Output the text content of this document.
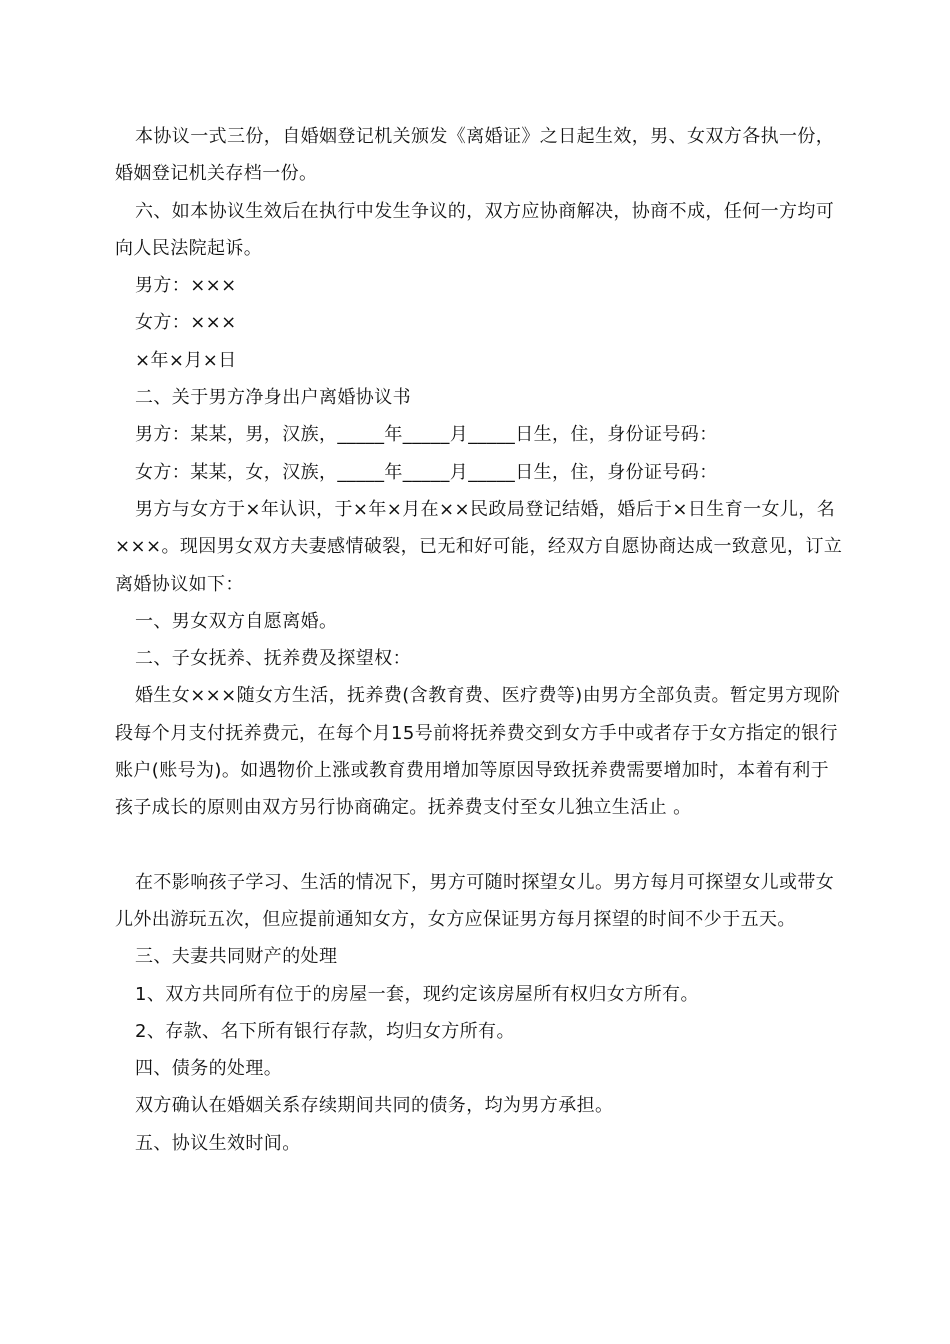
本协议一式三份，自婚姻登记机关颁发《离婚证》之日起生效，男、女双方各执一份，婚姻登记机关存档一份。

六、如本协议生效后在执行中发生争议的，双方应协商解决，协商不成，任何一方均可向人民法院起诉。

男方：×××

女方：×××

×年×月×日

二、关于男方净身出户离婚协议书

男方：某某，男，汉族，_____年_____月_____日生，住，身份证号码：

女方：某某，女，汉族，_____年_____月_____日生，住，身份证号码：

男方与女方于×年认识，于×年×月在××民政局登记结婚，婚后于×日生育一女儿，名×××。现因男女双方夫妻感情破裂，已无和好可能，经双方自愿协商达成一致意见，订立离婚协议如下：

一、男女双方自愿离婚。

二、子女抚养、抚养费及探望权：

婚生女×××随女方生活，抚养费(含教育费、医疗费等)由男方全部负责。暂定男方现阶段每个月支付抚养费元，在每个月15号前将抚养费交到女方手中或者存于女方指定的银行账户(账号为)。如遇物价上涨或教育费用增加等原因导致抚养费需要增加时，本着有利于孩子成长的原则由双方另行协商确定。抚养费支付至女儿独立生活止 。

在不影响孩子学习、生活的情况下，男方可随时探望女儿。男方每月可探望女儿或带女儿外出游玩五次，但应提前通知女方，女方应保证男方每月探望的时间不少于五天。

三、夫妻共同财产的处理

1、双方共同所有位于的房屋一套，现约定该房屋所有权归女方所有。

2、存款、名下所有银行存款，均归女方所有。

四、债务的处理。

双方确认在婚姻关系存续期间共同的债务，均为男方承担。

五、协议生效时间。
